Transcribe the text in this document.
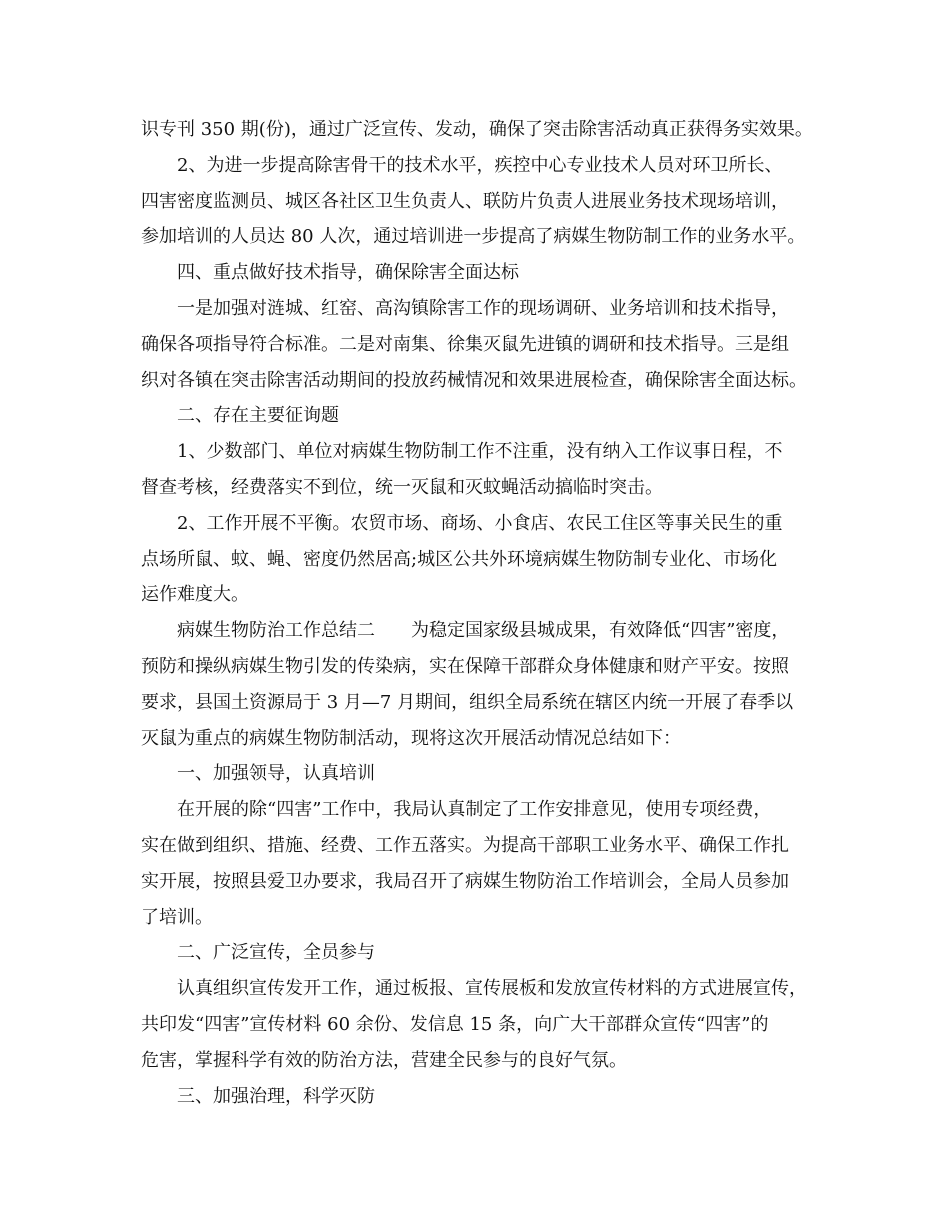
识专刊 350 期(份)，通过广泛宣传、发动，确保了突击除害活动真正获得务实效果。

2、为进一步提高除害骨干的技术水平，疾控中心专业技术人员对环卫所长、

四害密度监测员、城区各社区卫生负责人、联防片负责人进展业务技术现场培训，
参加培训的人员达 80 人次，通过培训进一步提高了病媒生物防制工作的业务水平。

四、重点做好技术指导，确保除害全面达标

一是加强对涟城、红窑、高沟镇除害工作的现场调研、业务培训和技术指导，

确保各项指导符合标准。二是对南集、徐集灭鼠先进镇的调研和技术指导。三是组
织对各镇在突击除害活动期间的投放药械情况和效果进展检查，确保除害全面达标。

二、存在主要征询题

1、少数部门、单位对病媒生物防制工作不注重，没有纳入工作议事日程，不

督查考核，经费落实不到位，统一灭鼠和灭蚊蝇活动搞临时突击。

2、工作开展不平衡。农贸市场、商场、小食店、农民工住区等事关民生的重

点场所鼠、蚊、蝇、密度仍然居高;城区公共外环境病媒生物防制专业化、市场化
运作难度大。

病媒生物防治工作总结二　　为稳定国家级县城成果，有效降低“四害”密度，

预防和操纵病媒生物引发的传染病，实在保障干部群众身体健康和财产平安。按照
要求，县国土资源局于 3 月—7 月期间，组织全局系统在辖区内统一开展了春季以
灭鼠为重点的病媒生物防制活动，现将这次开展活动情况总结如下：

一、加强领导，认真培训

在开展的除“四害”工作中，我局认真制定了工作安排意见，使用专项经费，

实在做到组织、措施、经费、工作五落实。为提高干部职工业务水平、确保工作扎
实开展，按照县爱卫办要求，我局召开了病媒生物防治工作培训会，全局人员参加
了培训。

二、广泛宣传，全员参与

认真组织宣传发开工作，通过板报、宣传展板和发放宣传材料的方式进展宣传，

共印发“四害”宣传材料 60 余份、发信息 15 条，向广大干部群众宣传“四害”的
危害，掌握科学有效的防治方法，营建全民参与的良好气氛。

三、加强治理，科学灭防
